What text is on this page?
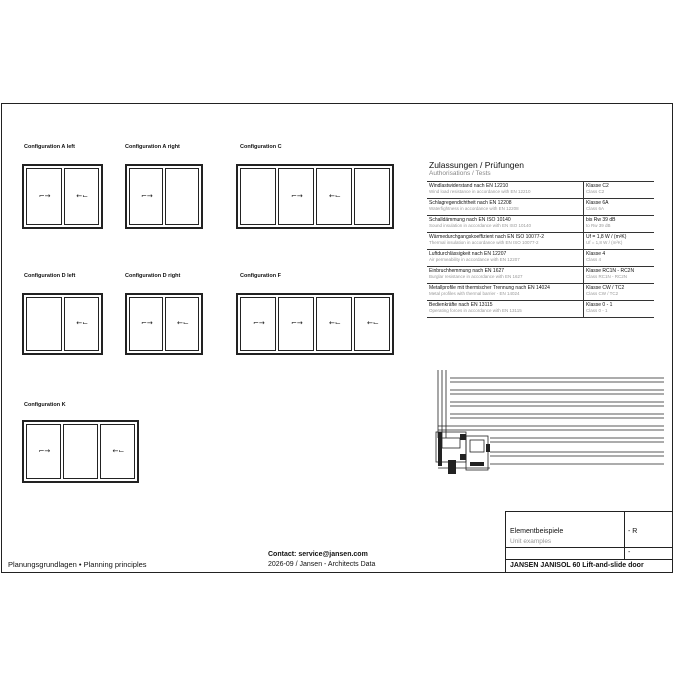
Configuration A left
⌐→	←⌙
Configuration A right
⌐→
Configuration C
⌐→	←⌙
Configuration D left
←⌙
Configuration D right
⌐→	←⌙
Configuration F
⌐→	⌐→	←⌙	←⌙
Configuration K
⌐→	←⌙
Zulassungen / Prüfungen
Authorisations / Tests
Windlastwiderstand nach EN 12210
Wind load resistance in accordance with EN 12210	Klasse C2
Class C2

Schlagregendichtheit nach EN 12208
Waterfightness in accordance with EN 12208	Klasse 6A
Class 6A

Schalldämmung nach EN ISO 10140
Sound insulation in accordance with EN ISO 10140	bis Rw 39 dB
to Rw 39 dB

Wärmedurchgangskoeffizient nach EN ISO 10077-2
Thermal insulation in accordance with EN ISO 10077-2	Uf = 1,8 W / (m²K)
Uf = 1,8 W / (m²K)

Luftdurchlässigkeit nach EN 12207
Air permeability in accordance with EN 12207	Klasse 4
Class 4

Einbruchhemmung nach EN 1627
Burglar resistance in accordance with EN 1627	Klasse RC1N - RC2N
Class RC1N - RC2N

Metallprofile mit thermischer Trennung nach EN 14024
Metal profiles with thermal barrier - EN 14024	Klasse CW / TC2
Class CW / TC2

Bedienkräfte nach EN 13115
Operating forces in accordance with EN 13115	Klasse 0 - 1
Class 0 - 1
Elementbeispiele
Unit examples
- R
-
JANSEN JANISOL 60 Lift-and-slide door
Planungsgrundlagen • Planning principles
Contact: service@jansen.com
2026-09 / Jansen - Architects Data
